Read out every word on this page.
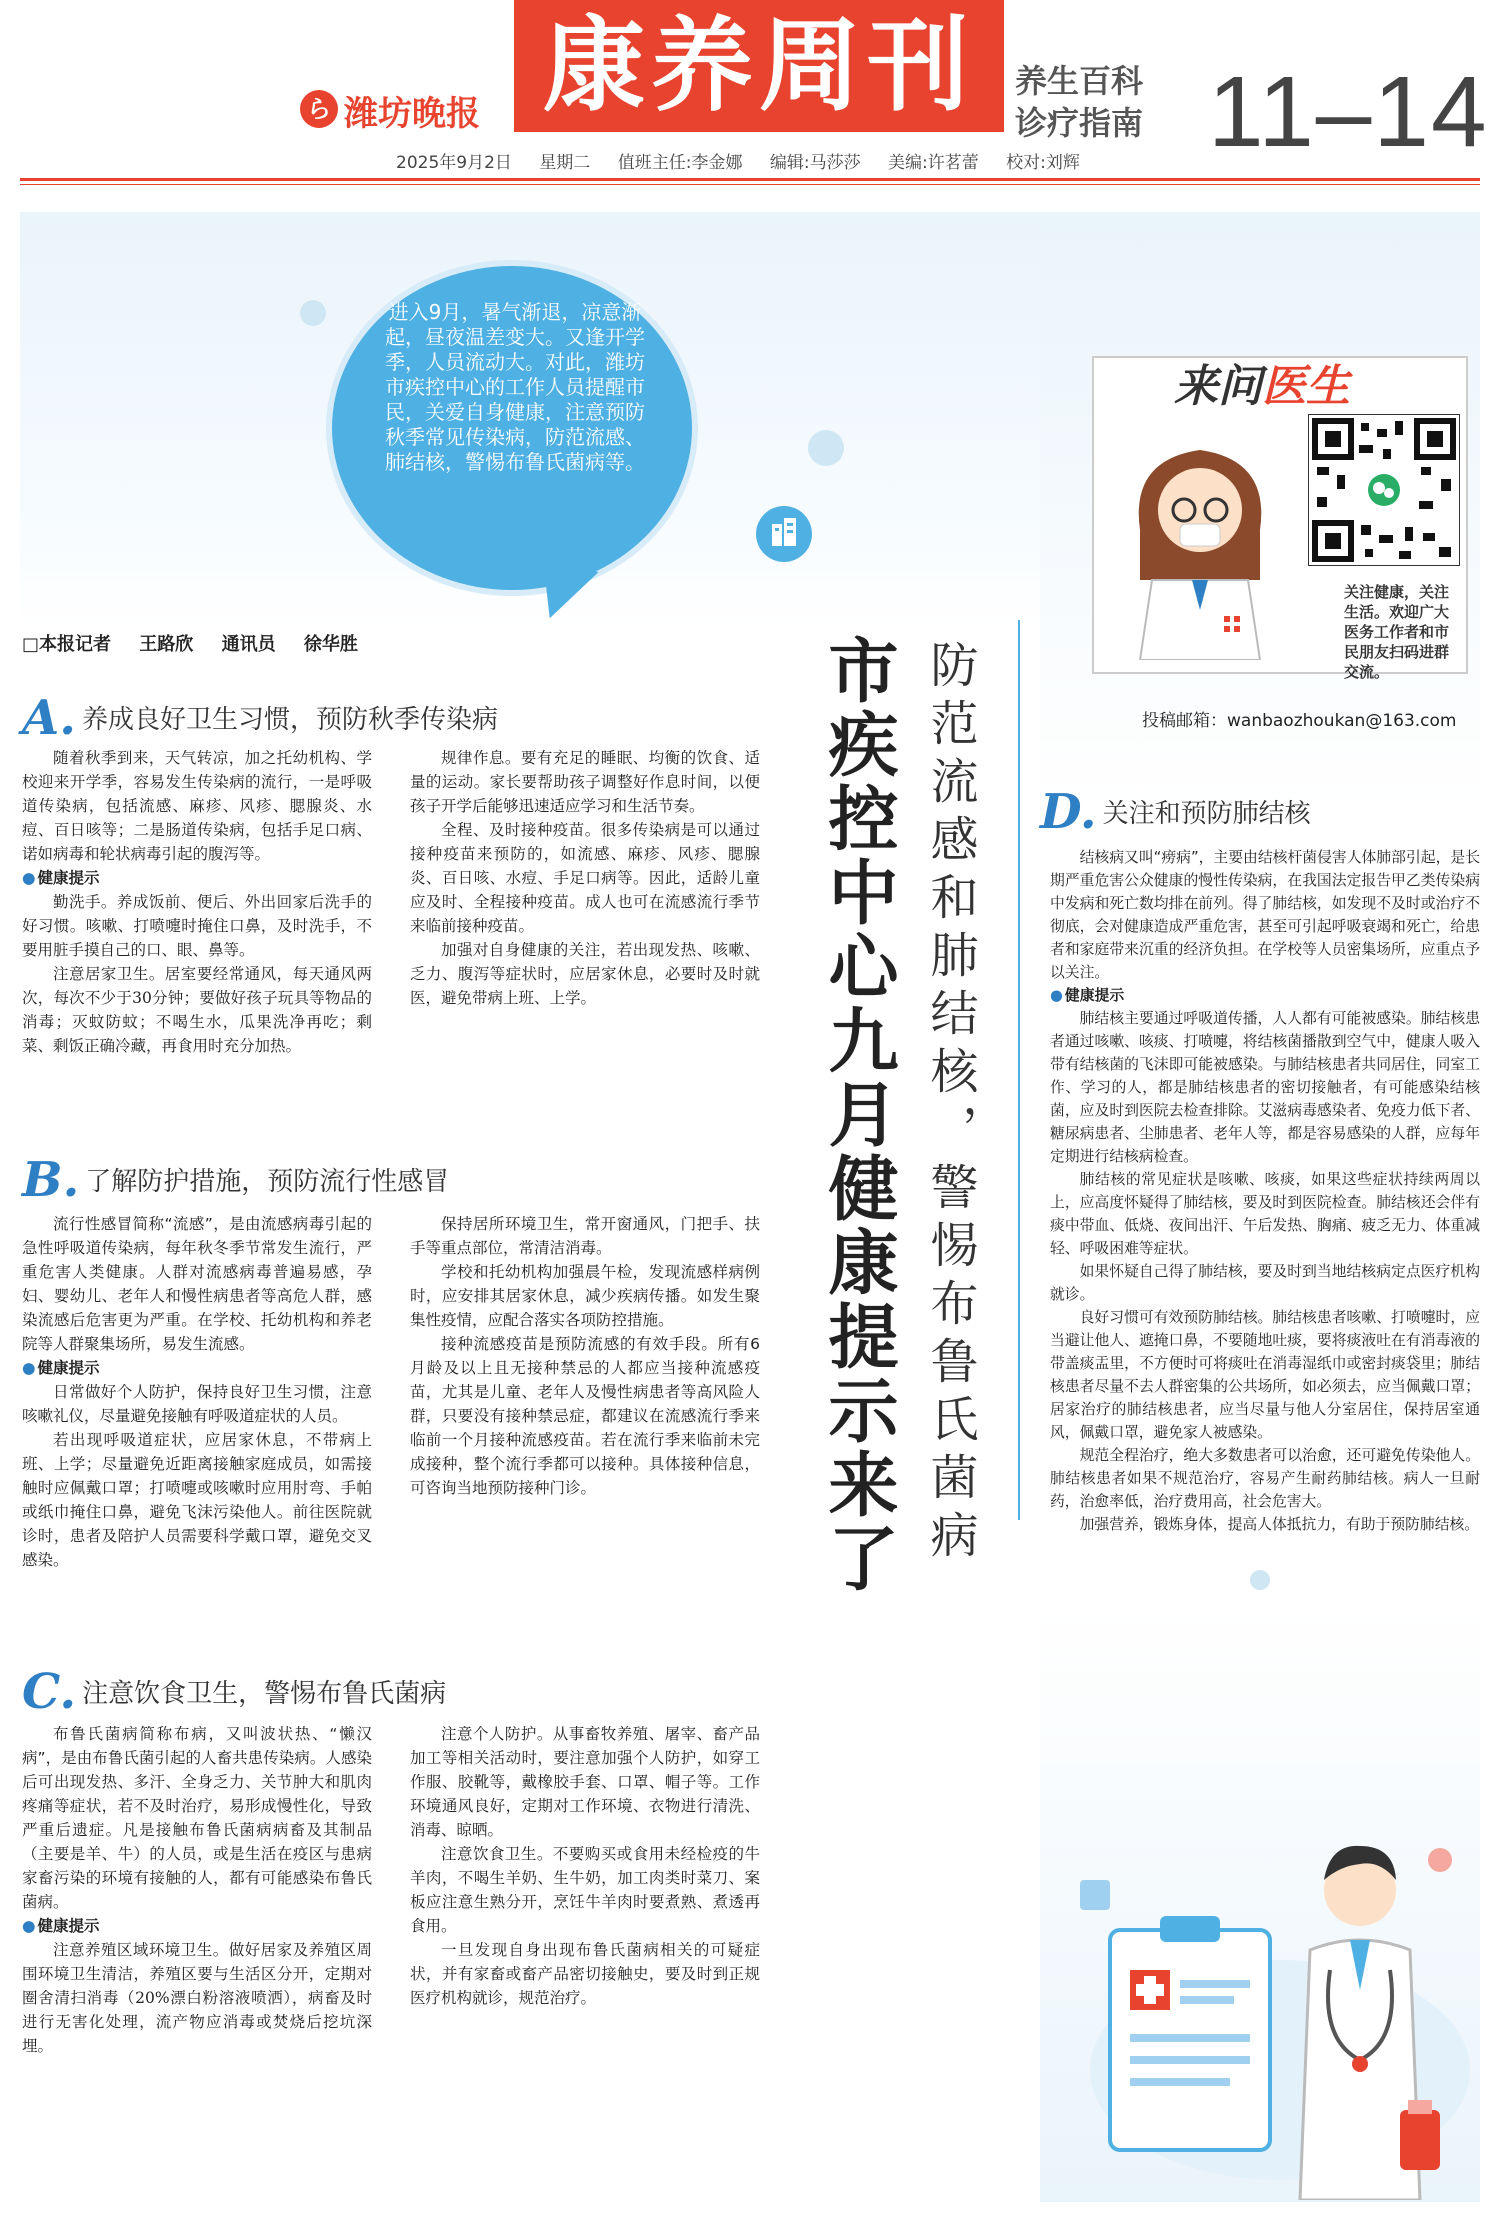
ら 潍坊晚报 康养周刊	养生百科
诊疗指南 11–14
2025年9月2日 星期二 值班主任:李金娜 编辑:马莎莎 美编:许茗蕾 校对:刘辉
进入9月，暑气渐退，凉意渐起，昼夜温差变大。又逢开学季，人员流动大。对此，潍坊市疾控中心的工作人员提醒市民，关爱自身健康，注意预防秋季常见传染病，防范流感、肺结核，警惕布鲁氏菌病等。
□本报记者 王路欣 通讯员 徐华胜
来问医生
关注健康，关注生活。欢迎广大医务工作者和市民朋友扫码进群交流。
投稿邮箱：wanbaozhoukan@163.com
防范流感和肺结核，警惕布鲁氏菌病
市疾控中心九月健康提示来了
A. 养成良好卫生习惯，预防秋季传染病

随着秋季到来，天气转凉，加之托幼机构、学校迎来开学季，容易发生传染病的流行，一是呼吸道传染病，包括流感、麻疹、风疹、腮腺炎、水痘、百日咳等；二是肠道传染病，包括手足口病、诺如病毒和轮状病毒引起的腹泻等。

● 健康提示

勤洗手。养成饭前、便后、外出回家后洗手的好习惯。咳嗽、打喷嚏时掩住口鼻，及时洗手，不要用脏手摸自己的口、眼、鼻等。

注意居家卫生。居室要经常通风，每天通风两次，每次不少于30分钟；要做好孩子玩具等物品的消毒；灭蚊防蚊；不喝生水，瓜果洗净再吃；剩菜、剩饭正确冷藏，再食用时充分加热。

规律作息。要有充足的睡眠、均衡的饮食、适量的运动。家长要帮助孩子调整好作息时间，以便孩子开学后能够迅速适应学习和生活节奏。

全程、及时接种疫苗。很多传染病是可以通过接种疫苗来预防的，如流感、麻疹、风疹、腮腺炎、百日咳、水痘、手足口病等。因此，适龄儿童应及时、全程接种疫苗。成人也可在流感流行季节来临前接种疫苗。

加强对自身健康的关注，若出现发热、咳嗽、乏力、腹泻等症状时，应居家休息，必要时及时就医，避免带病上班、上学。

B. 了解防护措施，预防流行性感冒

流行性感冒简称“流感”，是由流感病毒引起的急性呼吸道传染病，每年秋冬季节常发生流行，严重危害人类健康。人群对流感病毒普遍易感，孕妇、婴幼儿、老年人和慢性病患者等高危人群，感染流感后危害更为严重。在学校、托幼机构和养老院等人群聚集场所，易发生流感。

● 健康提示

日常做好个人防护，保持良好卫生习惯，注意咳嗽礼仪，尽量避免接触有呼吸道症状的人员。

若出现呼吸道症状，应居家休息，不带病上班、上学；尽量避免近距离接触家庭成员，如需接触时应佩戴口罩；打喷嚏或咳嗽时应用肘弯、手帕或纸巾掩住口鼻，避免飞沫污染他人。前往医院就诊时，患者及陪护人员需要科学戴口罩，避免交叉感染。

保持居所环境卫生，常开窗通风，门把手、扶手等重点部位，常清洁消毒。

学校和托幼机构加强晨午检，发现流感样病例时，应安排其居家休息，减少疾病传播。如发生聚集性疫情，应配合落实各项防控措施。

接种流感疫苗是预防流感的有效手段。所有6月龄及以上且无接种禁忌的人都应当接种流感疫苗，尤其是儿童、老年人及慢性病患者等高风险人群，只要没有接种禁忌症，都建议在流感流行季来临前一个月接种流感疫苗。若在流行季来临前未完成接种，整个流行季都可以接种。具体接种信息，可咨询当地预防接种门诊。

C. 注意饮食卫生，警惕布鲁氏菌病

布鲁氏菌病简称布病，又叫波状热、“懒汉病”，是由布鲁氏菌引起的人畜共患传染病。人感染后可出现发热、多汗、全身乏力、关节肿大和肌肉疼痛等症状，若不及时治疗，易形成慢性化，导致严重后遗症。凡是接触布鲁氏菌病病畜及其制品（主要是羊、牛）的人员，或是生活在疫区与患病家畜污染的环境有接触的人，都有可能感染布鲁氏菌病。

● 健康提示

注意养殖区域环境卫生。做好居家及养殖区周围环境卫生清洁，养殖区要与生活区分开，定期对圈舍清扫消毒（20%漂白粉溶液喷洒），病畜及时进行无害化处理，流产物应消毒或焚烧后挖坑深埋。

注意个人防护。从事畜牧养殖、屠宰、畜产品加工等相关活动时，要注意加强个人防护，如穿工作服、胶靴等，戴橡胶手套、口罩、帽子等。工作环境通风良好，定期对工作环境、衣物进行清洗、消毒、晾晒。

注意饮食卫生。不要购买或食用未经检疫的牛羊肉，不喝生羊奶、生牛奶，加工肉类时菜刀、案板应注意生熟分开，烹饪牛羊肉时要煮熟、煮透再食用。

一旦发现自身出现布鲁氏菌病相关的可疑症状，并有家畜或畜产品密切接触史，要及时到正规医疗机构就诊，规范治疗。

D. 关注和预防肺结核

结核病又叫“痨病”，主要由结核杆菌侵害人体肺部引起，是长期严重危害公众健康的慢性传染病，在我国法定报告甲乙类传染病中发病和死亡数均排在前列。得了肺结核，如发现不及时或治疗不彻底，会对健康造成严重危害，甚至可引起呼吸衰竭和死亡，给患者和家庭带来沉重的经济负担。在学校等人员密集场所，应重点予以关注。

● 健康提示

肺结核主要通过呼吸道传播，人人都有可能被感染。肺结核患者通过咳嗽、咳痰、打喷嚏，将结核菌播散到空气中，健康人吸入带有结核菌的飞沫即可能被感染。与肺结核患者共同居住，同室工作、学习的人，都是肺结核患者的密切接触者，有可能感染结核菌，应及时到医院去检查排除。艾滋病毒感染者、免疫力低下者、糖尿病患者、尘肺患者、老年人等，都是容易感染的人群，应每年定期进行结核病检查。

肺结核的常见症状是咳嗽、咳痰，如果这些症状持续两周以上，应高度怀疑得了肺结核，要及时到医院检查。肺结核还会伴有痰中带血、低烧、夜间出汗、午后发热、胸痛、疲乏无力、体重减轻、呼吸困难等症状。

如果怀疑自己得了肺结核，要及时到当地结核病定点医疗机构就诊。

良好习惯可有效预防肺结核。肺结核患者咳嗽、打喷嚏时，应当避让他人、遮掩口鼻，不要随地吐痰，要将痰液吐在有消毒液的带盖痰盂里，不方便时可将痰吐在消毒湿纸巾或密封痰袋里；肺结核患者尽量不去人群密集的公共场所，如必须去，应当佩戴口罩；居家治疗的肺结核患者，应当尽量与他人分室居住，保持居室通风，佩戴口罩，避免家人被感染。

规范全程治疗，绝大多数患者可以治愈，还可避免传染他人。肺结核患者如果不规范治疗，容易产生耐药肺结核。病人一旦耐药，治愈率低，治疗费用高，社会危害大。

加强营养，锻炼身体，提高人体抵抗力，有助于预防肺结核。
